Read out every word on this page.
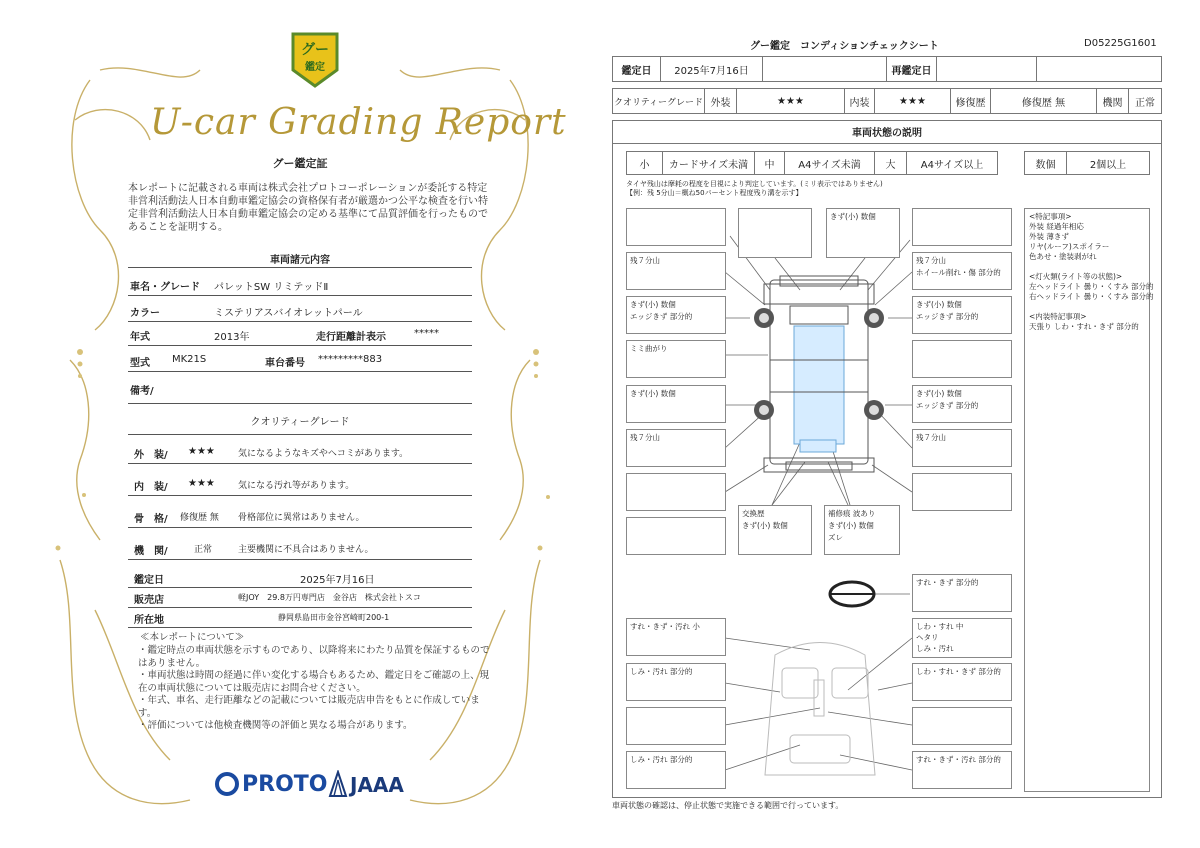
グー
鑑定
U-car Grading Report
グー鑑定証
本レポートに記載される車両は株式会社プロトコーポレーションが委託する特定非営利活動法人日本自動車鑑定協会の資格保有者が厳選かつ公平な検査を行い特定非営利活動法人日本自動車鑑定協会の定める基準にて品質評価を行ったものであることを証明する。
車両諸元内容
車名・グレード パレットSW リミテッドⅡ
カラー	ミステリアスバイオレットパール
年式	2013年	走行距離計表示	*****
型式 MK21S	車台番号 *********883
備考/
クオリティーグレード
外　装/ ★★★	気になるようなキズやヘコミがあります。
内　装/ ★★★	気になる汚れ等があります。
骨　格/ 修復歴 無 骨格部位に異常はありません。
機　関/	正常	主要機関に不具合はありません。
鑑定日	2025年7月16日
販売店	軽JOY　29.8万円専門店　金谷店　株式会社トスコ
所在地	静岡県島田市金谷宮崎町200-1
≪本レポートについて≫
・鑑定時点の車両状態を示すものであり、以降将来にわたり品質を保証するものではありません。
・車両状態は時間の経過に伴い変化する場合もあるため、鑑定日をご確認の上、現在の車両状態については販売店にお問合せください。
・年式、車名、走行距離などの記載については販売店申告をもとに作成しています。
・評価については他検査機関等の評価と異なる場合があります。
PROTO JAAA
グー鑑定　コンディションチェックシート	D05225G1601
鑑定日	2025年7月16日	再鑑定日
クオリティーグレード 外装	★★★	内装	★★★	修復歴	修復歴 無	機関	正常
車両状態の説明
小	カードサイズ未満	中	A4サイズ未満	大	A4サイズ以上	数個	2個以上
タイヤ残山は摩耗の程度を目視により判定しています。(ミリ表示ではありません)
【例：残 5分山＝概ね50パーセント程度残り溝を示す】
きず(小) 数個
残７分山	残７分山
ホイール削れ・傷 部分的
きず(小) 数個
エッジきず 部分的
きず(小) 数個
エッジきず 部分的
ミミ曲がり
きず(小) 数個	きず(小) 数個
エッジきず 部分的
残７分山	残７分山
交換歴
きず(小) 数個
補修痕 波あり
きず(小) 数個
ズレ
すれ・きず 部分的
すれ・きず・汚れ 小	しわ・すれ 中
ヘタリ
しみ・汚れ
しみ・汚れ 部分的	しわ・すれ・きず 部分的
しみ・汚れ 部分的	すれ・きず・汚れ 部分的
<特記事項>
外装 経過年相応
外装 薄きず
リヤ(ルーフ)スポイラー
色あせ・塗装剥がれ
<灯火類(ライト等の状態)>
左ヘッドライト 曇り・くすみ 部分的
右ヘッドライト 曇り・くすみ 部分的
<内装特記事項>
天張り しわ・すれ・きず 部分的
車両状態の確認は、停止状態で実施できる範囲で行っています。
